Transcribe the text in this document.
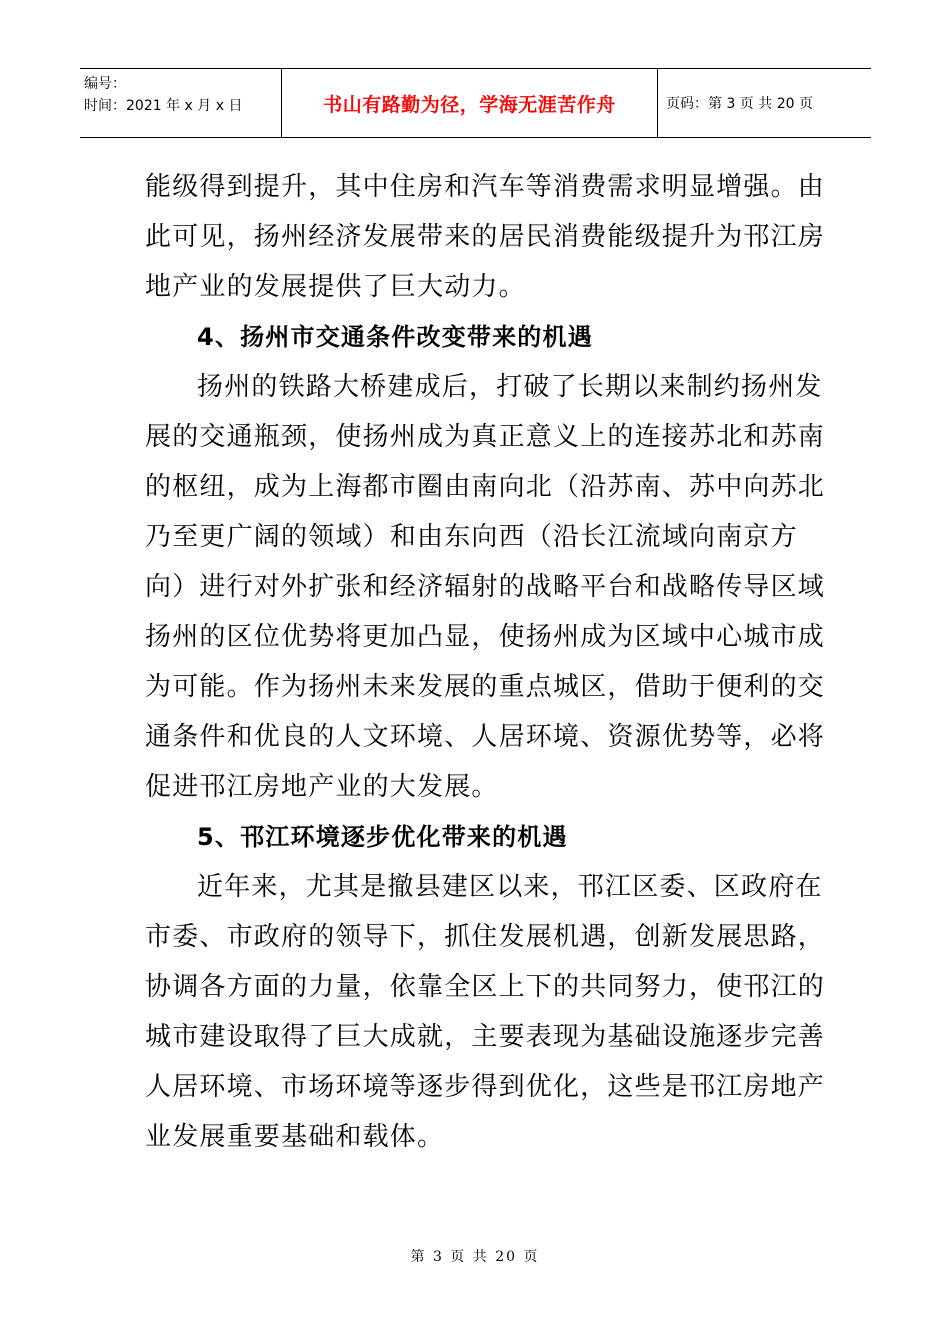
编号：
时间：2021 年 x 月 x 日	书山有路勤为径，学海无涯苦作舟	页码：第 3 页 共 20 页
能级得到提升，其中住房和汽车等消费需求明显增强。由
此可见，扬州经济发展带来的居民消费能级提升为邗江房
地产业的发展提供了巨大动力。
4、扬州市交通条件改变带来的机遇
扬州的铁路大桥建成后，打破了长期以来制约扬州发
展的交通瓶颈，使扬州成为真正意义上的连接苏北和苏南
的枢纽，成为上海都市圈由南向北（沿苏南、苏中向苏北
乃至更广阔的领域）和由东向西（沿长江流域向南京方
向）进行对外扩张和经济辐射的战略平台和战略传导区域
扬州的区位优势将更加凸显，使扬州成为区域中心城市成
为可能。作为扬州未来发展的重点城区，借助于便利的交
通条件和优良的人文环境、人居环境、资源优势等，必将
促进邗江房地产业的大发展。
5、邗江环境逐步优化带来的机遇
近年来，尤其是撤县建区以来，邗江区委、区政府在
市委、市政府的领导下，抓住发展机遇，创新发展思路，
协调各方面的力量，依靠全区上下的共同努力，使邗江的
城市建设取得了巨大成就，主要表现为基础设施逐步完善
人居环境、市场环境等逐步得到优化，这些是邗江房地产
业发展重要基础和载体。
第 3 页 共 20 页
